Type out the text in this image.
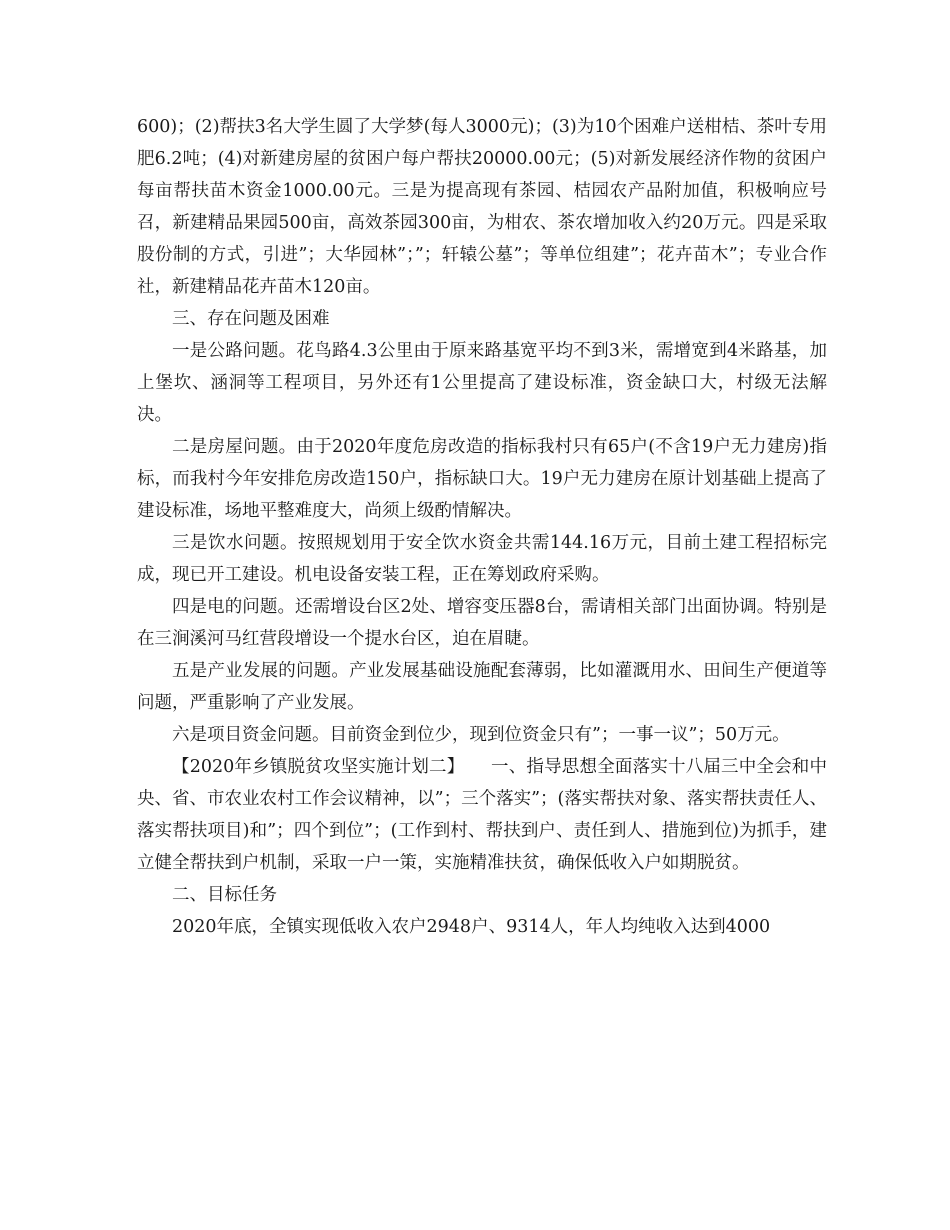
600)；(2)帮扶3名大学生圆了大学梦(每人3000元)；(3)为10个困难户送柑桔、茶叶专用肥6.2吨；(4)对新建房屋的贫困户每户帮扶20000.00元；(5)对新发展经济作物的贫困户每亩帮扶苗木资金1000.00元。三是为提高现有茶园、桔园农产品附加值，积极响应号召，新建精品果园500亩，高效茶园300亩，为柑农、茶农增加收入约20万元。四是采取股份制的方式，引进”；大华园林”；”；轩辕公墓”；等单位组建”；花卉苗木”；专业合作社，新建精品花卉苗木120亩。

三、存在问题及困难

一是公路问题。花鸟路4.3公里由于原来路基宽平均不到3米，需增宽到4米路基，加上堡坎、涵洞等工程项目，另外还有1公里提高了建设标准，资金缺口大，村级无法解决。

二是房屋问题。由于2020年度危房改造的指标我村只有65户(不含19户无力建房)指标，而我村今年安排危房改造150户，指标缺口大。19户无力建房在原计划基础上提高了建设标准，场地平整难度大，尚须上级酌情解决。

三是饮水问题。按照规划用于安全饮水资金共需144.16万元，目前土建工程招标完成，现已开工建设。机电设备安装工程，正在筹划政府采购。

四是电的问题。还需增设台区2处、增容变压器8台，需请相关部门出面协调。特别是在三涧溪河马红营段增设一个提水台区，迫在眉睫。

五是产业发展的问题。产业发展基础设施配套薄弱，比如灌溉用水、田间生产便道等问题，严重影响了产业发展。

六是项目资金问题。目前资金到位少，现到位资金只有”；一事一议”；50万元。

【2020年乡镇脱贫攻坚实施计划二】　　一、指导思想全面落实十八届三中全会和中央、省、市农业农村工作会议精神，以”；三个落实”；(落实帮扶对象、落实帮扶责任人、落实帮扶项目)和”；四个到位”；(工作到村、帮扶到户、责任到人、措施到位)为抓手，建立健全帮扶到户机制，采取一户一策，实施精准扶贫，确保低收入户如期脱贫。

二、目标任务

2020年底，全镇实现低收入农户2948户、9314人，年人均纯收入达到4000
